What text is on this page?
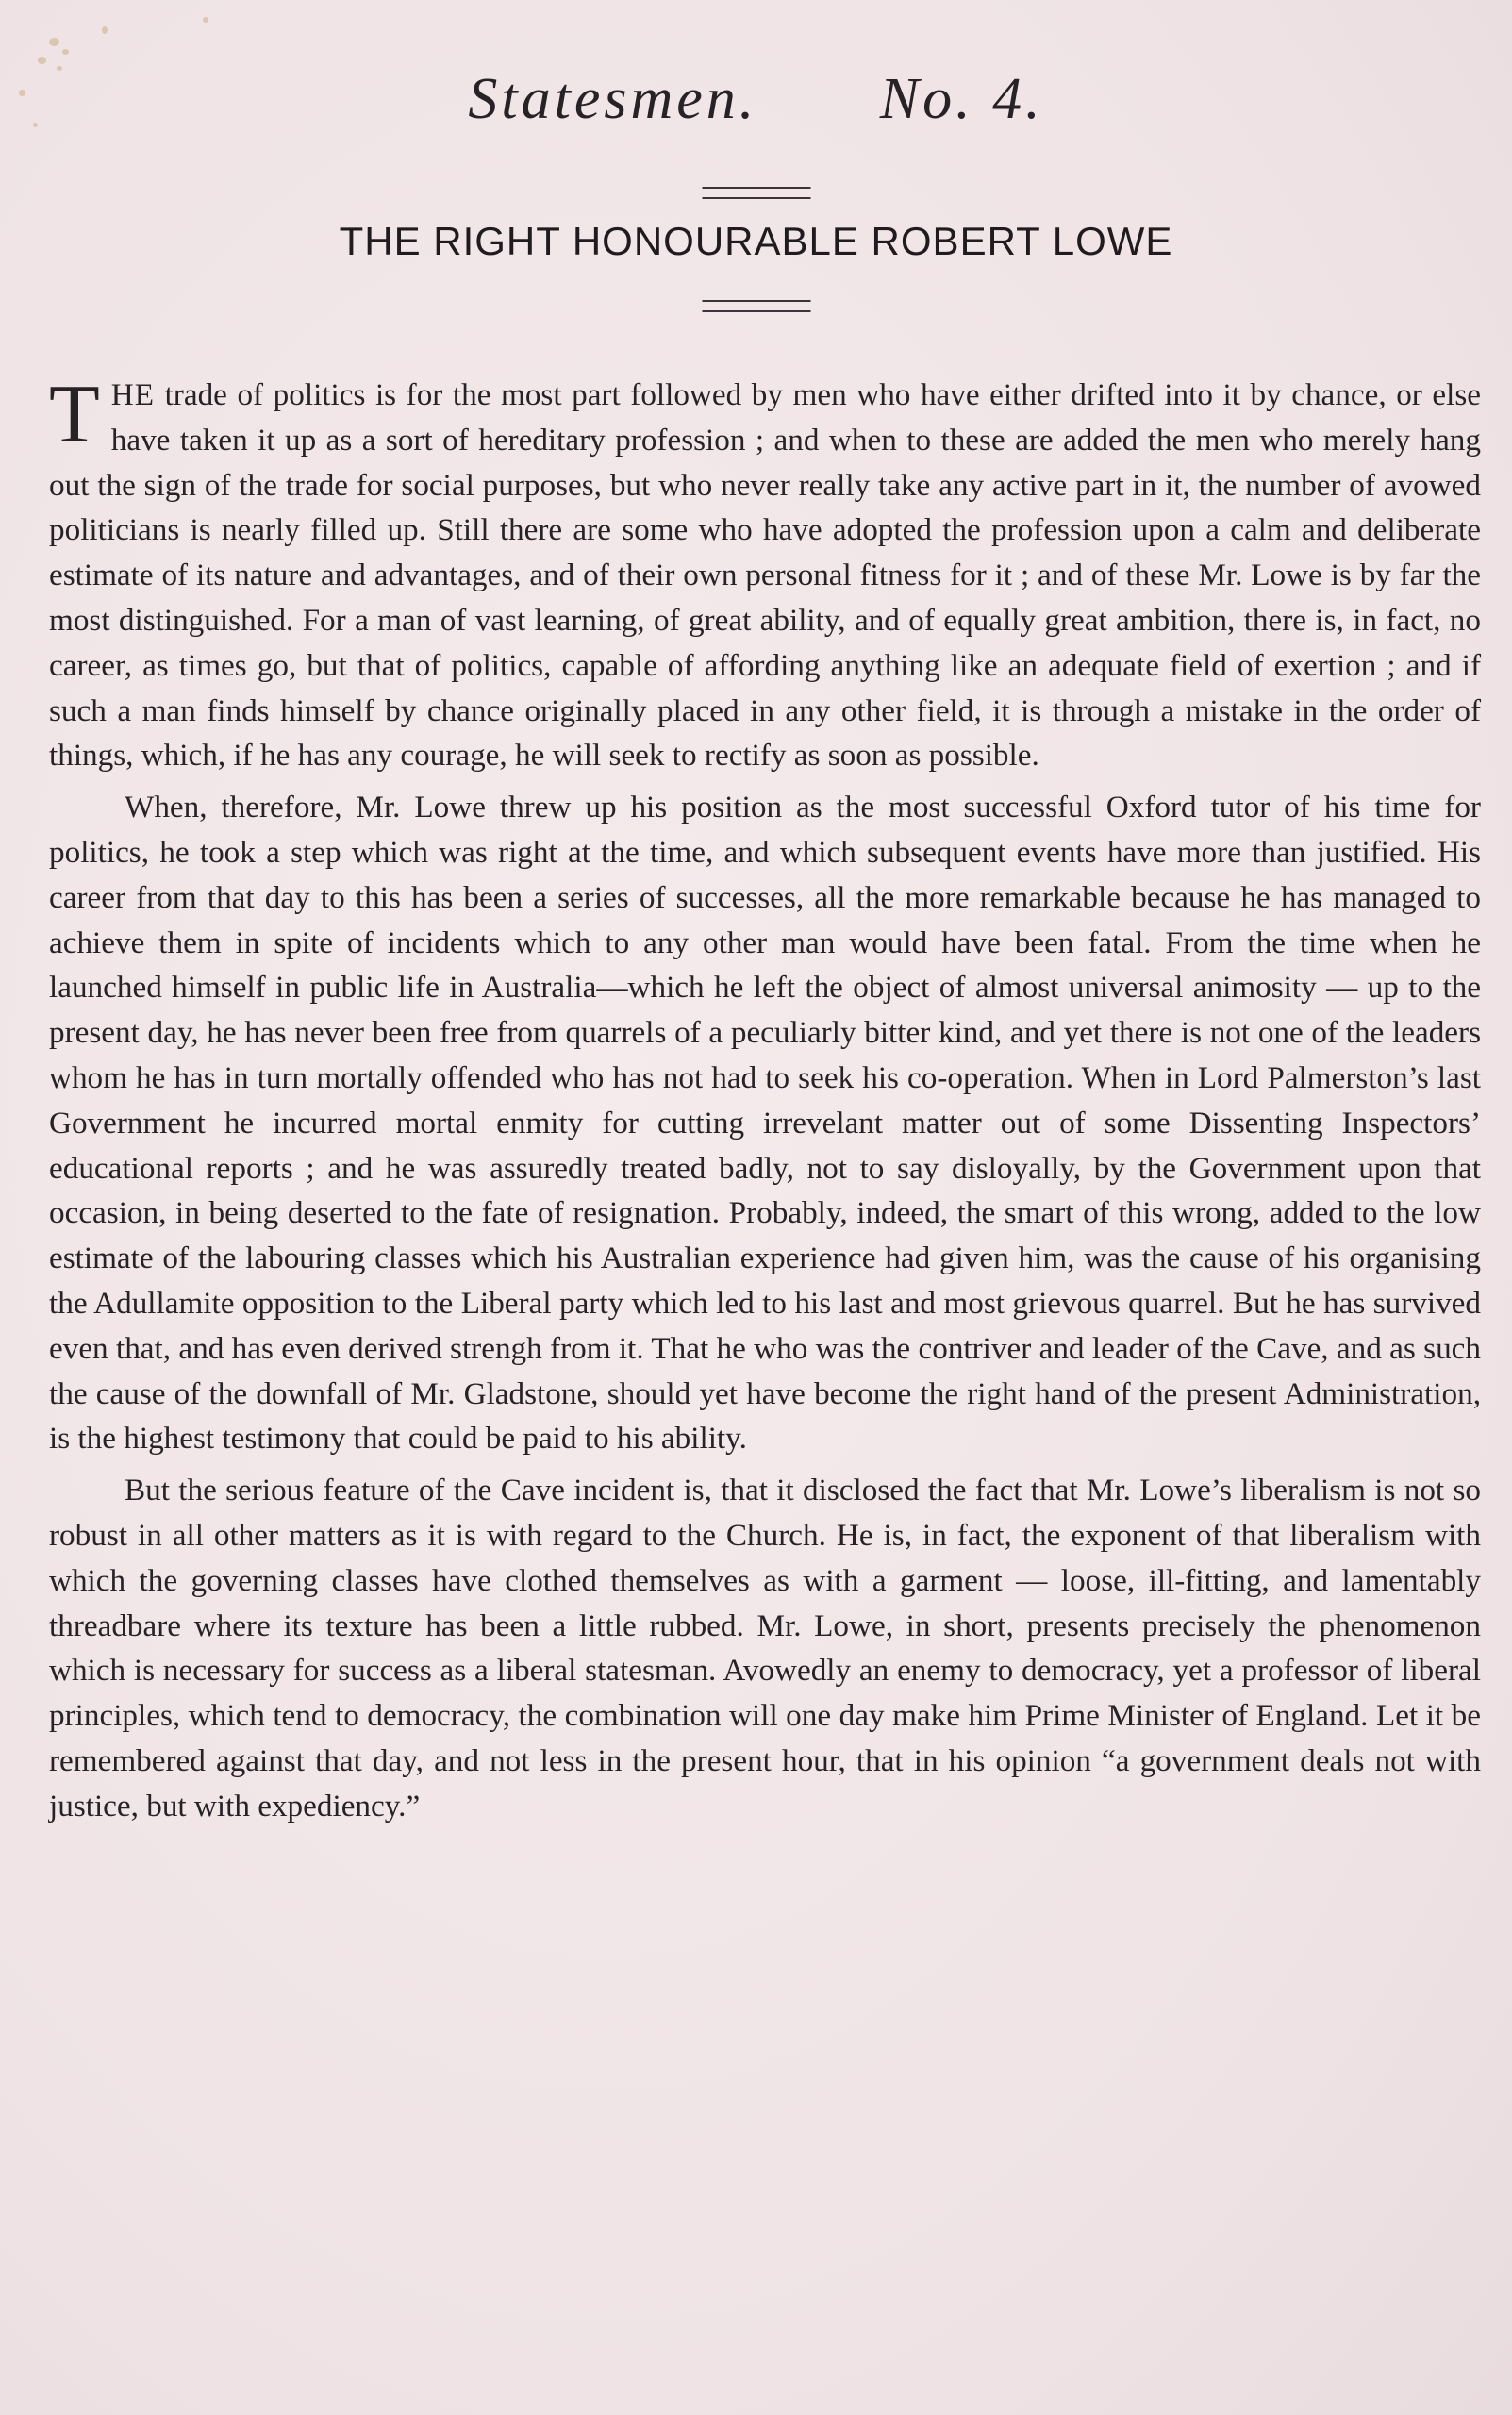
Statesmen. No. 4.
THE RIGHT HONOURABLE ROBERT LOWE

THE trade of politics is for the most part followed by men who have either drifted into it by chance, or else have taken it up as a sort of hereditary profession ; and when to these are added the men who merely hang out the sign of the trade for social purposes, but who never really take any active part in it, the number of avowed politicians is nearly filled up. Still there are some who have adopted the profession upon a calm and deliberate estimate of its nature and advantages, and of their own personal fitness for it ; and of these Mr. Lowe is by far the most distinguished. For a man of vast learning, of great ability, and of equally great ambition, there is, in fact, no career, as times go, but that of politics, capable of affording anything like an adequate field of exertion ; and if such a man finds himself by chance originally placed in any other field, it is through a mistake in the order of things, which, if he has any courage, he will seek to rectify as soon as possible.

When, therefore, Mr. Lowe threw up his position as the most successful Oxford tutor of his time for politics, he took a step which was right at the time, and which subsequent events have more than justified. His career from that day to this has been a series of successes, all the more remarkable because he has managed to achieve them in spite of incidents which to any other man would have been fatal. From the time when he launched himself in public life in Australia—which he left the object of almost universal animosity — up to the present day, he has never been free from quarrels of a peculiarly bitter kind, and yet there is not one of the leaders whom he has in turn mortally offended who has not had to seek his co-operation. When in Lord Palmerston’s last Government he incurred mortal enmity for cutting irrevelant matter out of some Dissenting Inspectors’ educational reports ; and he was assuredly treated badly, not to say disloyally, by the Government upon that occasion, in being deserted to the fate of resignation. Probably, indeed, the smart of this wrong, added to the low estimate of the labouring classes which his Australian experience had given him, was the cause of his organising the Adullamite opposition to the Liberal party which led to his last and most grievous quarrel. But he has survived even that, and has even derived strengh from it. That he who was the contriver and leader of the Cave, and as such the cause of the downfall of Mr. Gladstone, should yet have become the right hand of the present Administration, is the highest testimony that could be paid to his ability.

But the serious feature of the Cave incident is, that it disclosed the fact that Mr. Lowe’s liberalism is not so robust in all other matters as it is with regard to the Church. He is, in fact, the exponent of that liberalism with which the governing classes have clothed themselves as with a garment — loose, ill-fitting, and lamentably threadbare where its texture has been a little rubbed. Mr. Lowe, in short, presents precisely the phenomenon which is necessary for success as a liberal statesman. Avowedly an enemy to democracy, yet a professor of liberal principles, which tend to democracy, the combination will one day make him Prime Minister of England. Let it be remembered against that day, and not less in the present hour, that in his opinion “a government deals not with justice, but with expediency.”
